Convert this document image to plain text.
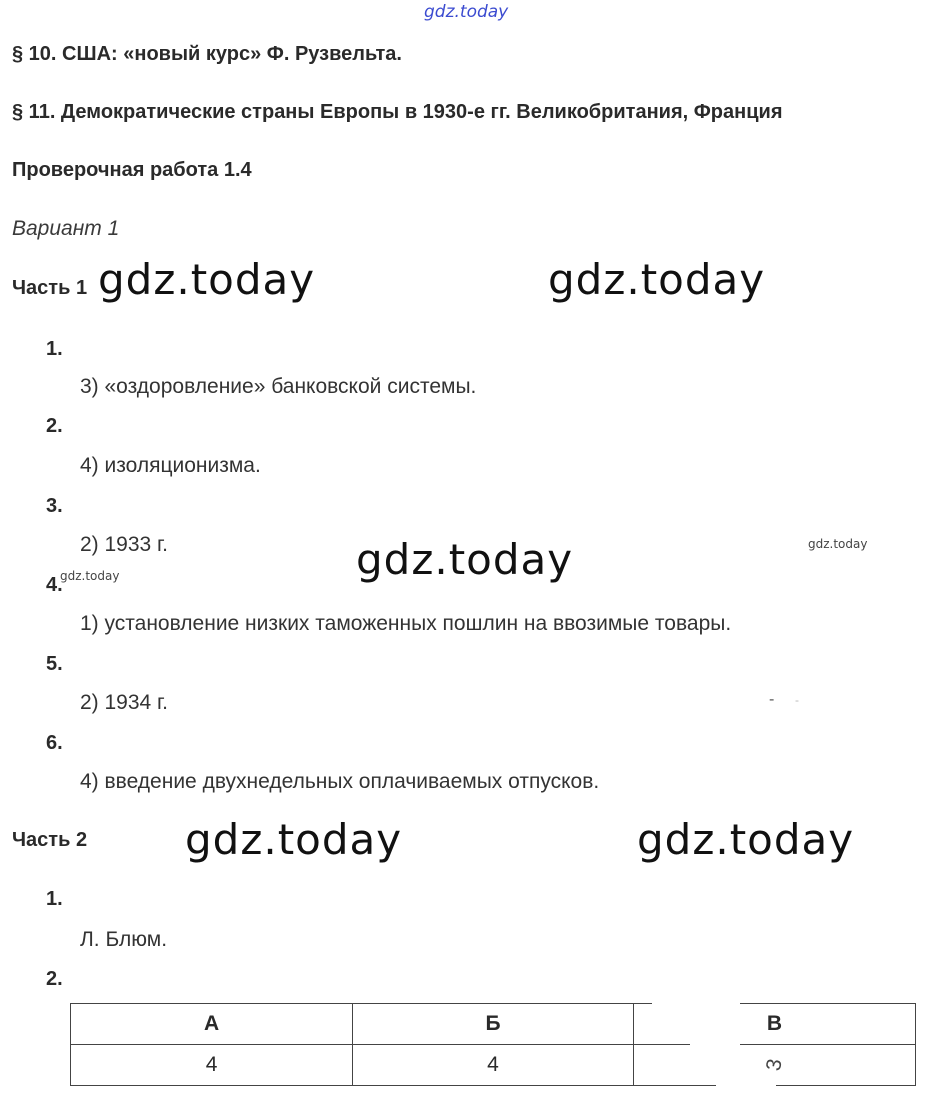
gdz.today
§ 10. США: «новый курс» Ф. Рузвельта.
§ 11. Демократические страны Европы в 1930-е гг. Великобритания, Франция
Проверочная работа 1.4
Вариант 1
Часть 1 gdz.today	gdz.today
1.
3) «оздоровление» банковской системы.
2.
4) изоляционизма.
3.
2) 1933 г.	gdz.today	gdz.today
4.
gdz.today
1) установление низких таможенных пошлин на ввозимые товары.
5.
2) 1934 г.	- -
6.
4) введение двухнедельных оплачиваемых отпусков.
Часть 2 gdz.today	gdz.today
1.
Л. Блюм.
2.
А	Б	В
4	4	3
